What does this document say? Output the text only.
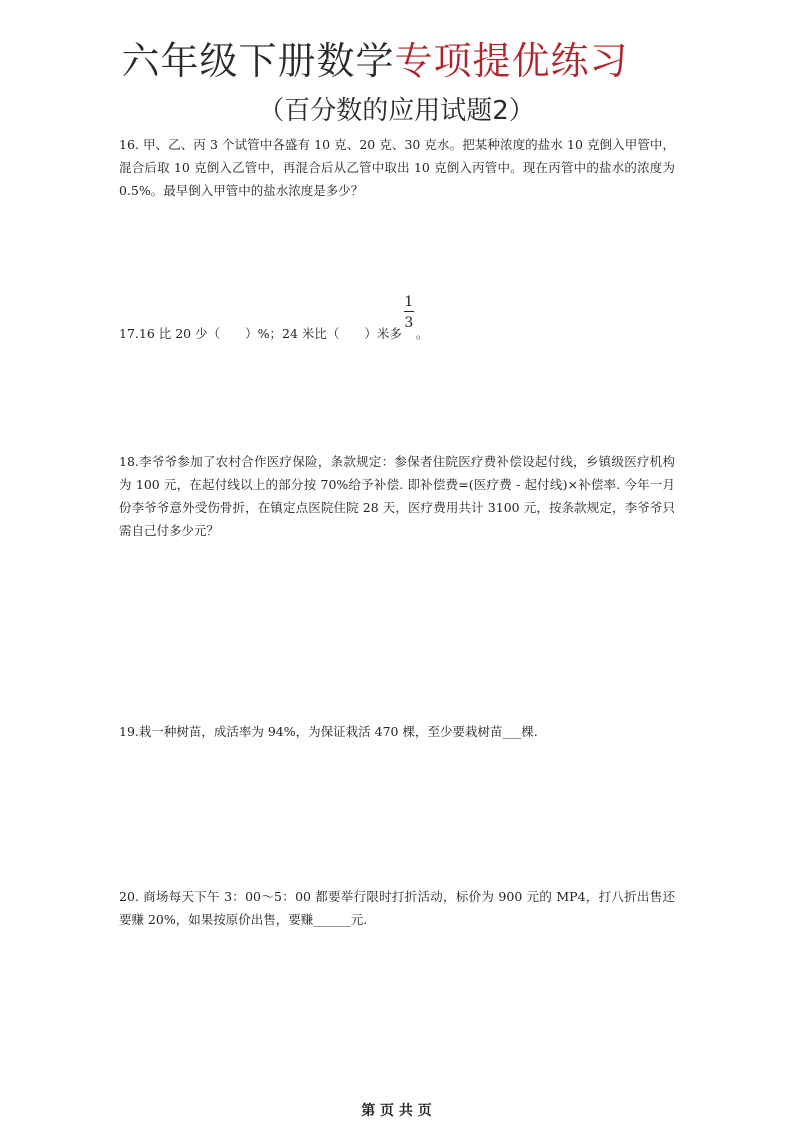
六年级下册数学专项提优练习
（百分数的应用试题2）
16. 甲、乙、丙 3 个试管中各盛有 10 克、20 克、30 克水。把某种浓度的盐水 10 克倒入甲管中，混合后取 10 克倒入乙管中，再混合后从乙管中取出 10 克倒入丙管中。现在丙管中的盐水的浓度为 0.5%。最早倒入甲管中的盐水浓度是多少？
17.16 比 20 少（　　）%；24 米比（　　）米多 $\frac{1}{3}$ 。
18.李爷爷参加了农村合作医疗保险，条款规定：参保者住院医疗费补偿设起付线，乡镇级医疗机构为 100 元，在起付线以上的部分按 70%给予补偿. 即补偿费=(医疗费 - 起付线)×补偿率. 今年一月份李爷爷意外受伤骨折，在镇定点医院住院 28 天，医疗费用共计 3100 元，按条款规定，李爷爷只需自己付多少元？
19.栽一种树苗，成活率为 94%，为保证栽活 470 棵，至少要栽树苗___棵.
20. 商场每天下午 3：00～5：00 都要举行限时打折活动，标价为 900 元的 MP4，打八折出售还要赚 20%，如果按原价出售，要赚______元.
第 页 共 页
